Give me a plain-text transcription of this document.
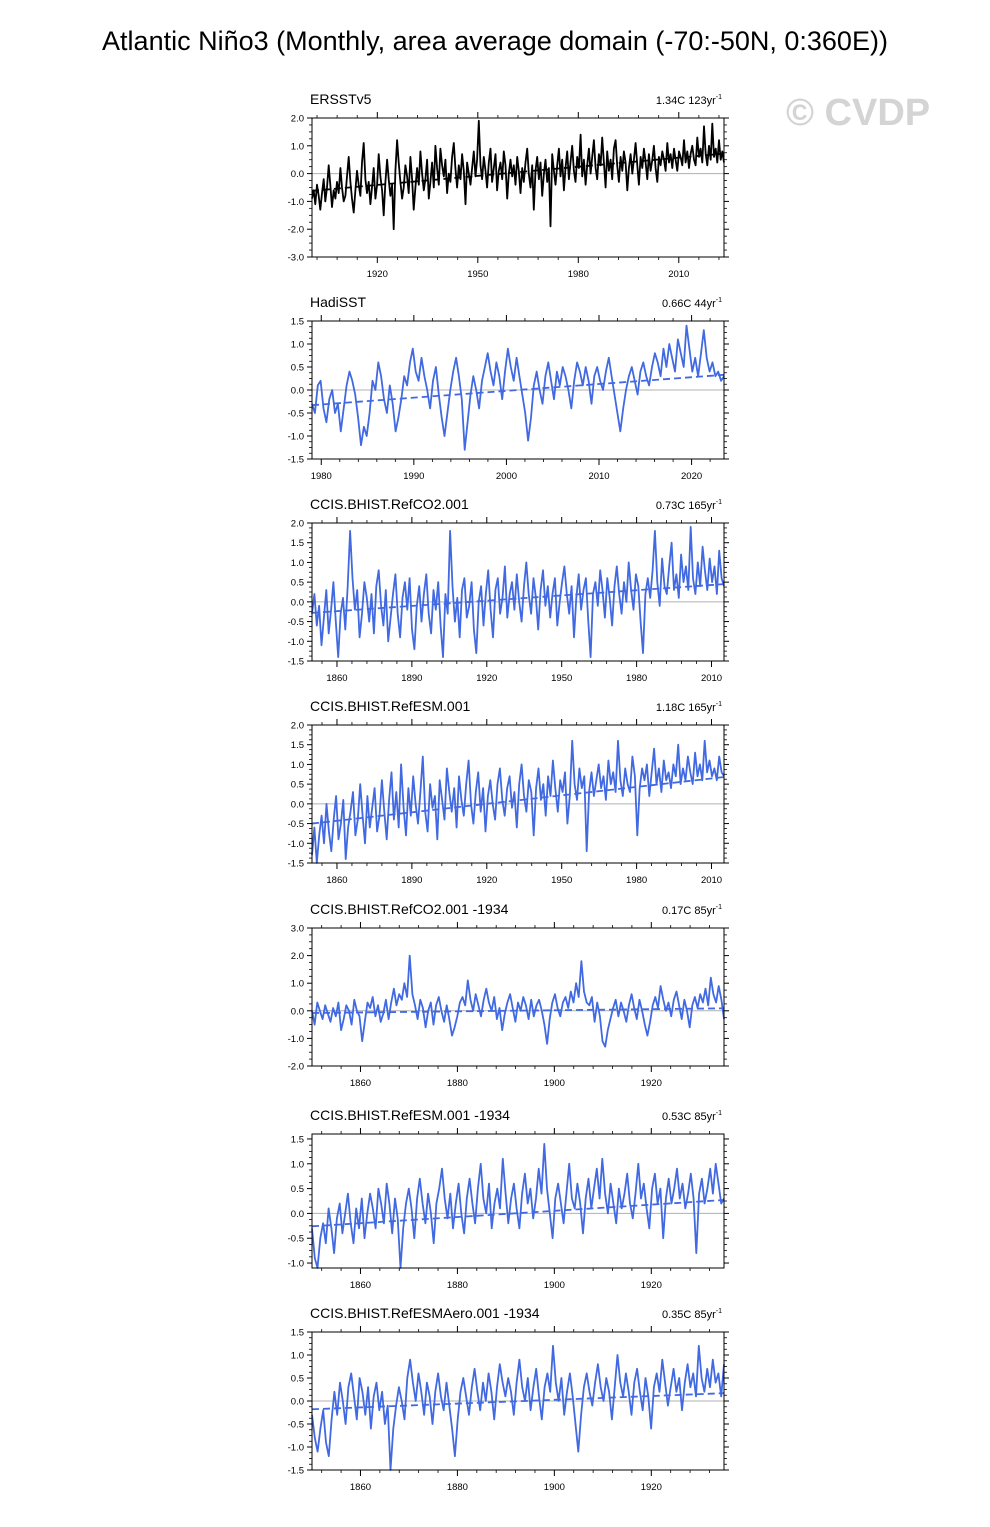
Atlantic Niño3 (Monthly, area average domain (-70:-50N, 0:360E))
© CVDP
-3.0
-2.0
-1.0
0.0
1.0
2.0
1920	1950	1980	2010
ERSSTv5	1.34C $123yr^{-1}$
-1.5
-1.0
-0.5
0.0
0.5
1.0
1.5
1980	1990	2000	2010	2020
HadiSST	0.66C $44yr^{-1}$
-1.5
-1.0
-0.5
0.0
0.5
1.0
1.5
2.0
1860	1890	1920	1950	1980	2010
CCIS.BHIST.RefCO2.001	0.73C $165yr^{-1}$
-1.5
-1.0
-0.5
0.0
0.5
1.0
1.5
2.0
1860	1890	1920	1950	1980	2010
CCIS.BHIST.RefESM.001	1.18C $165yr^{-1}$
-2.0
-1.0
0.0
1.0
2.0
3.0
1860	1880	1900	1920
CCIS.BHIST.RefCO2.001 -1934	0.17C $85yr^{-1}$
-1.0
-0.5
0.0
0.5
1.0
1.5
1860	1880	1900	1920
CCIS.BHIST.RefESM.001 -1934	0.53C $85yr^{-1}$
-1.5
-1.0
-0.5
0.0
0.5
1.0
1.5
1860	1880	1900	1920
CCIS.BHIST.RefESMAero.001 -1934	0.35C $85yr^{-1}$
